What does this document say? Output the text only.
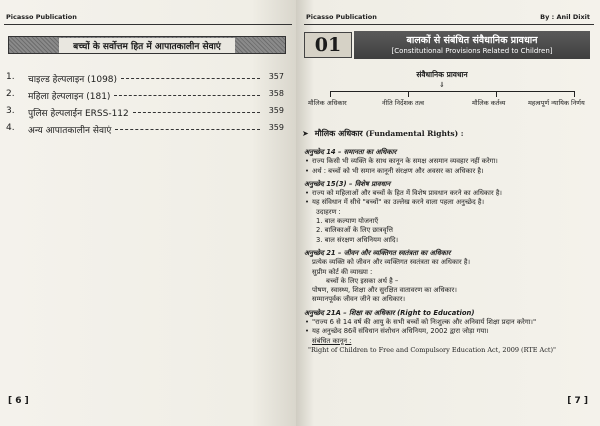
Picasso Publication
बच्चों के सर्वोत्तम हित में आपातकालीन सेवाएं
1.	चाइल्ड हेल्पलाइन (1098)	357
2.	महिला हेल्पलाइन (181)	358
3.	पुलिस हेल्पलाईन ERSS-112	359
4.	अन्य आपातकालीन सेवाएं	359
[ 6 ]
Picasso Publication	By : Anil Dixit
01	बालकों से संबंधित संवैधानिक प्रावधान
[Constitutional Provisions Related to Children]
संवैधानिक प्रावधान
⇓
मौलिक अधिकार	नीति निर्देशक तत्व	मौलिक कर्तव्य	महत्वपूर्ण न्यायिक निर्णय
➤ मौलिक अधिकार (Fundamental Rights) :
अनुच्छेद 14 – समानता का अधिकार
• राज्य किसी भी व्यक्ति के साथ कानून के समक्ष असमान व्यवहार नहीं करेगा।
• अर्थ : बच्चों को भी समान कानूनी संरक्षण और अवसर का अधिकार है।
अनुच्छेद 15(3) – विशेष प्रावधान
• राज्य को महिलाओं और बच्चों के हित में विशेष प्रावधान करने का अधिकार है।
• यह संविधान में सीधे "बच्चों" का उल्लेख करने वाला पहला अनुच्छेद है।
उदाहरण :
1. बाल कल्याण योजनाएँ
2. बालिकाओं के लिए छात्रवृत्ति
3. बाल संरक्षण अधिनियम आदि।
अनुच्छेद 21 – जीवन और व्यक्तिगत स्वतंत्रता का अधिकार
प्रत्येक व्यक्ति को जीवन और व्यक्तिगत स्वतंत्रता का अधिकार है।
सुप्रीम कोर्ट की व्याख्या :
बच्चों के लिए इसका अर्थ है –
पोषण, स्वास्थ्य, शिक्षा और सुरक्षित वातावरण का अधिकार।
सम्मानपूर्वक जीवन जीने का अधिकार।
अनुच्छेद 21A – शिक्षा का अधिकार (Right to Education)
• "राज्य 6 से 14 वर्ष की आयु के सभी बच्चों को निःशुल्क और अनिवार्य शिक्षा प्रदान करेगा।"
• यह अनुच्छेद 86वें संविधान संशोधन अधिनियम, 2002 द्वारा जोड़ा गया।
संबंधित कानून :
"Right of Children to Free and Compulsory Education Act, 2009 (RTE Act)"
[ 7 ]
